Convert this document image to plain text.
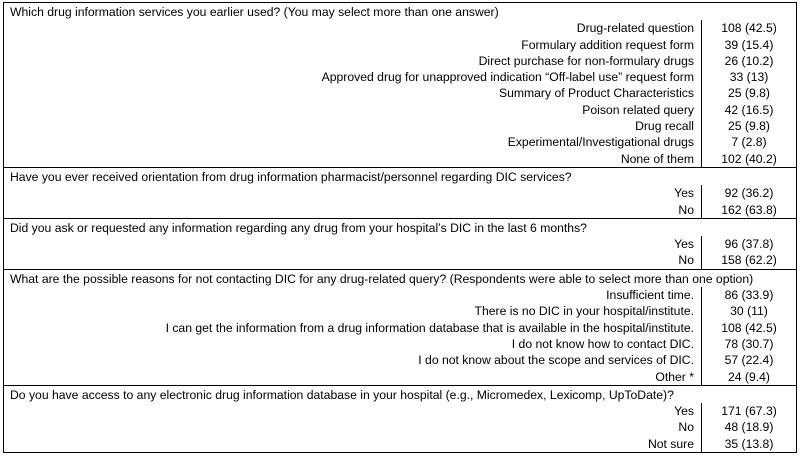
Which drug information services you earlier used? (You may select more than one answer)
Drug-related question	108 (42.5)
Formulary addition request form	39 (15.4)
Direct purchase for non-formulary drugs	26 (10.2)
Approved drug for unapproved indication “Off-label use” request form	33 (13)
Summary of Product Characteristics	25 (9.8)
Poison related query	42 (16.5)
Drug recall	25 (9.8)
Experimental/Investigational drugs	7 (2.8)
None of them	102 (40.2)
Have you ever received orientation from drug information pharmacist/personnel regarding DIC services?
Yes	92 (36.2)
No	162 (63.8)
Did you ask or requested any information regarding any drug from your hospital’s DIC in the last 6 months?
Yes	96 (37.8)
No	158 (62.2)
What are the possible reasons for not contacting DIC for any drug-related query? (Respondents were able to select more than one option)
Insufficient time.	86 (33.9)
There is no DIC in your hospital/institute.	30 (11)
I can get the information from a drug information database that is available in the hospital/institute.	108 (42.5)
I do not know how to contact DIC.	78 (30.7)
I do not know about the scope and services of DIC.	57 (22.4)
Other *	24 (9.4)
Do you have access to any electronic drug information database in your hospital (e.g., Micromedex, Lexicomp, UpToDate)?
Yes	171 (67.3)
No	48 (18.9)
Not sure	35 (13.8)
